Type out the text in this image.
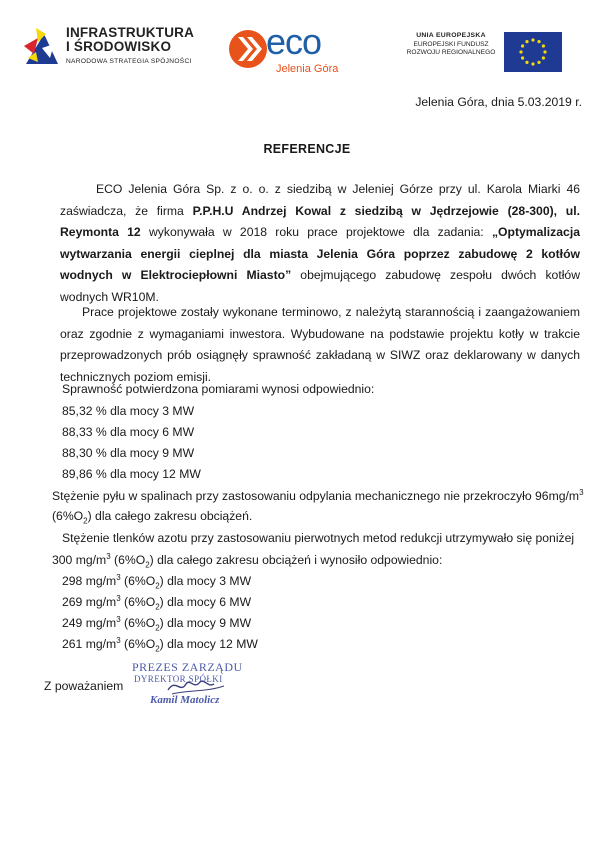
INFRASTRUKTURA
I ŚRODOWISKO
NARODOWA STRATEGIA SPÓJNOŚCI eco
Jelenia Góra
UNIA EUROPEJSKA
EUROPEJSKI FUNDUSZ
ROZWOJU REGIONALNEGO
Jelenia Góra, dnia 5.03.2019 r.
REFERENCJE
ECO Jelenia Góra Sp. z o. o. z siedzibą w Jeleniej Górze przy ul. Karola Miarki 46 zaświadcza, że firma P.P.H.U Andrzej Kowal z siedzibą w Jędrzejowie (28-300), ul. Reymonta 12 wykonywała w 2018 roku prace projektowe dla zadania: „Optymalizacja wytwarzania energii cieplnej dla miasta Jelenia Góra poprzez zabudowę 2 kotłów wodnych w Elektrociepłowni Miasto” obejmującego zabudowę zespołu dwóch kotłów wodnych WR10M.
Prace projektowe zostały wykonane terminowo, z należytą starannością i zaangażowaniem oraz zgodnie z wymaganiami inwestora. Wybudowane na podstawie projektu kotły w trakcie przeprowadzonych prób osiągnęły sprawność zakładaną w SIWZ oraz deklarowany w danych technicznych poziom emisji.
Sprawność potwierdzona pomiarami wynosi odpowiednio:
85,32 % dla mocy 3 MW
88,33 % dla mocy 6 MW
88,30 % dla mocy 9 MW
89,86 % dla mocy 12 MW
Stężenie pyłu w spalinach przy zastosowaniu odpylania mechanicznego nie przekroczyło $96mg/m^3$
$(6\%O_2)$ dla całego zakresu obciążeń.
Stężenie tlenków azotu przy zastosowaniu pierwotnych metod redukcji utrzymywało się poniżej
300 $mg/m^3$ $(6\%O_2)$ dla całego zakresu obciążeń i wynosiło odpowiednio:
298 $mg/m^3$ $(6\%O_2)$ dla mocy 3 MW
269 $mg/m^3$ $(6\%O_2)$ dla mocy 6 MW
249 $mg/m^3$ $(6\%O_2)$ dla mocy 9 MW
261 $mg/m^3$ $(6\%O_2)$ dla mocy 12 MW
Z poważaniem
PREZES ZARZĄDU
DYREKTOR SPÓŁKI
Kamil Matolicz
